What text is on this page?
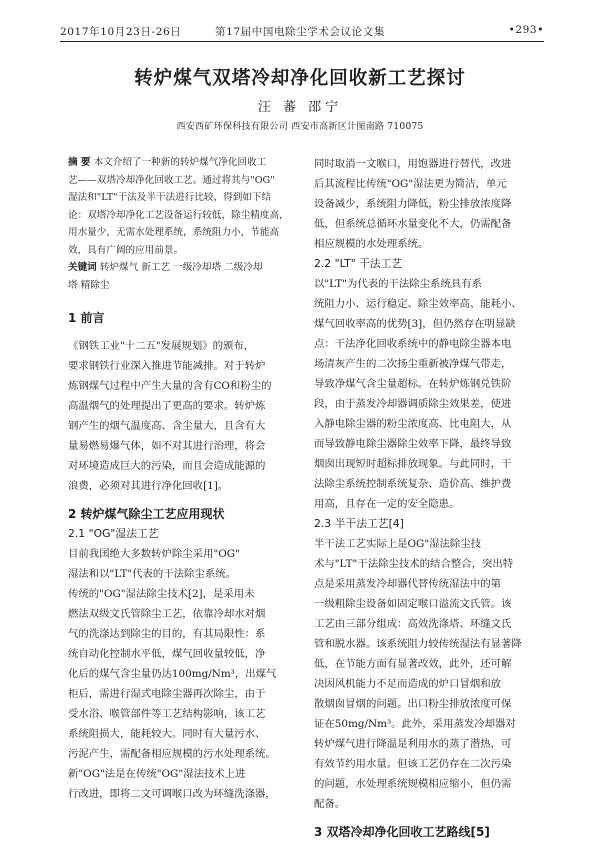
2017年10月23日-26日	第17届中国电除尘学术会议论文集	•293•
转炉煤气双塔冷却净化回收新工艺探讨
汪 蕃 邵宁
西安西矿环保科技有限公司 西安市高新区计图南路 710075
摘 要 本文介绍了一种新的转炉煤气净化回收工
艺——双塔冷却净化回收工艺。通过将其与"OG"
湿法和"LT"干法及半干法进行比较，得到如下结
论：双塔冷却净化工艺设备运行较低，除尘精度高，
用水量少，无需水处理系统，系统阻力小，节能高
效，具有广阔的应用前景。
关键词 转炉煤气 新工艺 一级冷却塔 二级冷却
塔 精除尘
1 前言
《钢铁工业"十二五"发展规划》的颁布，
要求钢铁行业深入推进节能减排。对于转炉
炼钢煤气过程中产生大量的含有CO和粉尘的
高温烟气的处理提出了更高的要求。转炉炼
钢产生的烟气温度高、含尘量大，且含有大
量易燃易爆气体，如不对其进行治理，将会
对环境造成巨大的污染，而且会造成能源的
浪费，必须对其进行净化回收[1]。
2 转炉煤气除尘工艺应用现状
2.1 "OG"湿法工艺
目前我国绝大多数转炉除尘采用"OG"
湿法和以"LT"代表的干法除尘系统。
传统的"OG"湿法除尘技术[2]，是采用未
燃法双级文氏管除尘工艺，依靠冷却水对烟
气的洗涤达到除尘的目的，有其局限性：系
统自动化控制水平低，煤气回收量较低，净
化后的煤气含尘量仍达100mg/Nm³，出煤气
柜后，需进行湿式电除尘器再次除尘，由于
受水浴、喉管部件等工艺结构影响，该工艺
系统阻损大，能耗较大。同时有大量污水、
污泥产生，需配备相应规模的污水处理系统。
新"OG"法是在传统"OG"湿法技术上进
行改进，即将二文可调喉口改为环缝洗涤器，
同时取消一文喉口，用饱器进行替代，改进
后其流程比传统"OG"湿法更为简洁，单元
设备减少，系统阻力降低，粉尘排放浓度降
低，但系统总循环水量变化不大，仍需配备
相应规模的水处理系统。
2.2 "LT" 干法工艺
以"LT"为代表的干法除尘系统具有系
统阻力小、运行稳定、除尘效率高、能耗小、
煤气回收率高的优势[3]，但仍然存在明显缺
点：干法净化回收系统中的静电除尘器本电
场清灰产生的二次扬尘重新被净煤气带走，
导致净煤气含尘量超标。在转炉炼钢兑铁阶
段，由于蒸发冷却器调质除尘效果差，使进
入静电除尘器的粉尘浓度高、比电阻大，从
而导致静电除尘器除尘效率下降，最终导致
烟囱出现短时超标排放现象。与此同时，干
法除尘系统控制系统复杂、造价高、维护费
用高，且存在一定的安全隐患。
2.3 半干法工艺[4]
半干法工艺实际上是OG"湿法除尘技
术与"LT"干法除尘技术的结合整合，突出特
点是采用蒸发冷却器代替传统湿法中的第
一级粗除尘设备如固定喉口溢流文氏管。该
工艺由三部分组成：高效洗涤塔、环缝文氏
管和脱水器。该系统阻力较传统湿法有显著降
低，在节能方面有显著改效，此外，还可解
决因风机能力不足而造成的炉口冒烟和放
散烟囱冒烟的问题。出口粉尘排放浓度可保
证在50mg/Nm³。此外，采用蒸发冷却器对
转炉煤气进行降温是利用水的蒸了潜热，可
有效节约用水量。但该工艺仍存在二次污染
的问题，水处理系统规模相应缩小，但仍需
配备。
3 双塔冷却净化回收工艺路线[5]
